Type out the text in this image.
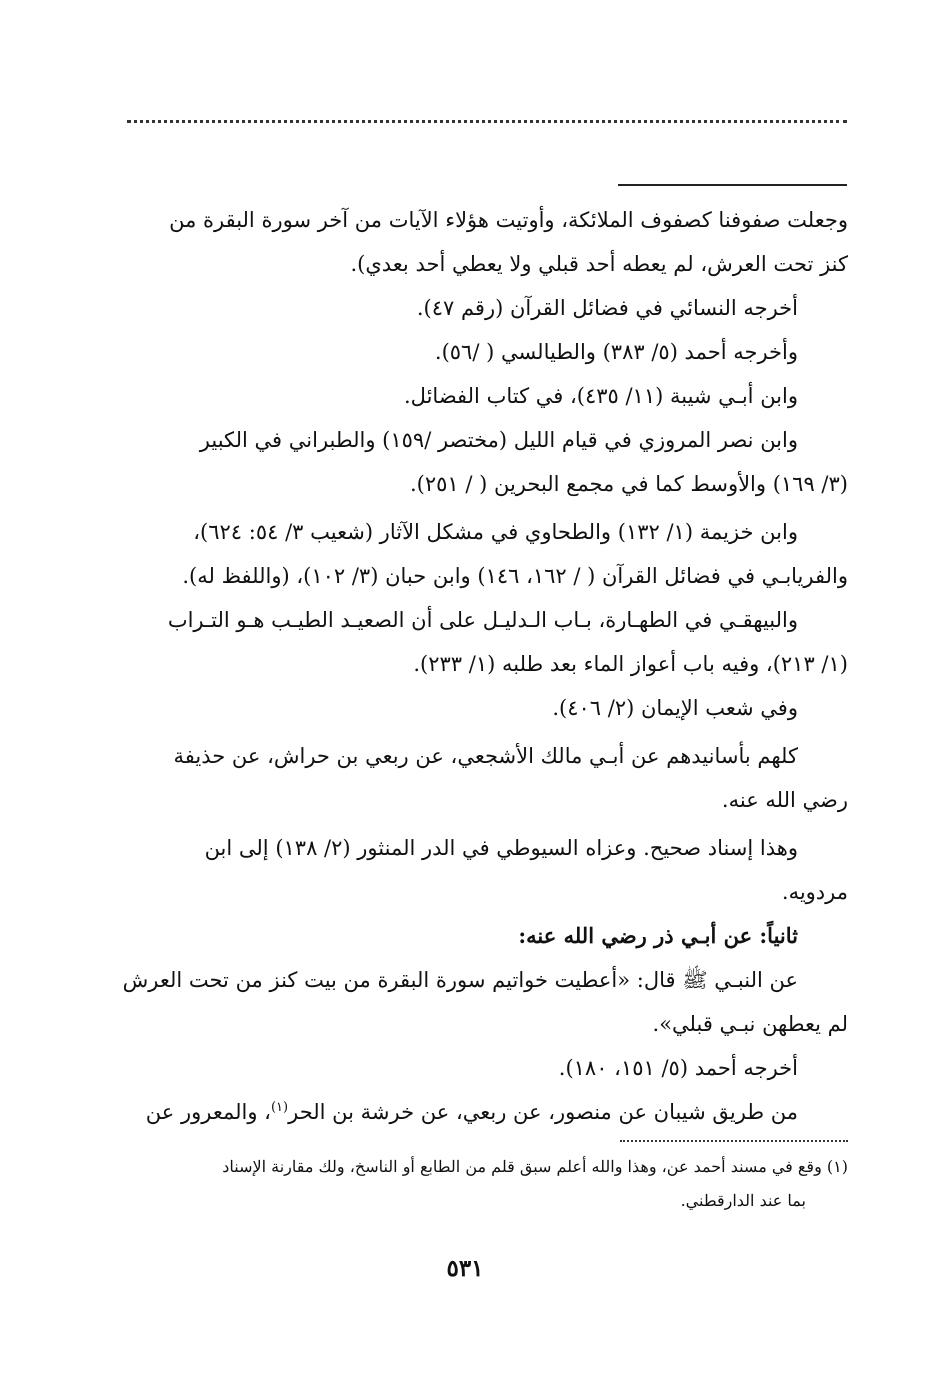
وجعلت صفوفنا كصفوف الملائكة، وأوتيت هؤلاء الآيات من آخر سورة البقرة من

كنز تحت العرش، لم يعطه أحد قبلي ولا يعطي أحد بعدي).

أخرجه النسائي في فضائل القرآن (رقم ٤٧).

وأخرجه أحمد (٥/ ٣٨٣) والطيالسي ( /٥٦).

وابن أبـي شيبة (١١/ ٤٣٥)، في كتاب الفضائل.

وابن نصر المروزي في قيام الليل (مختصر /١٥٩) والطبراني في الكبير

(٣/ ١٦٩) والأوسط كما في مجمع البحرين ( / ٢٥١).

وابن خزيمة (١/ ١٣٢) والطحاوي في مشكل الآثار (شعيب ٣/ ٥٤: ٦٢٤)،

والفريابـي في فضائل القرآن ( / ١٦٢، ١٤٦) وابن حبان (٣/ ١٠٢)، (واللفظ له).

والبيهقـي في الطهـارة، بـاب الـدليـل على أن الصعيـد الطيـب هـو التـراب

(١/ ٢١٣)، وفيه باب أعواز الماء بعد طلبه (١/ ٢٣٣).

وفي شعب الإيمان (٢/ ٤٠٦).

كلهم بأسانيدهم عن أبـي مالك الأشجعي، عن ربعي بن حراش، عن حذيفة

رضي الله عنه.

وهذا إسناد صحيح. وعزاه السيوطي في الدر المنثور (٢/ ١٣٨) إلى ابن

مردويه.

ثانياً: عن أبـي ذر رضي الله عنه:

عن النبـي ﷺ قال: «أعطيت خواتيم سورة البقرة من بيت كنز من تحت العرش

لم يعطهن نبـي قبلي».

أخرجه أحمد (٥/ ١٥١، ١٨٠).

من طريق شيبان عن منصور، عن ربعي، عن خرشة بن الحر$^{(١)}$، والمعرور عن

(١) وقع في مسند أحمد عن، وهذا والله أعلم سبق قلم من الطابع أو الناسخ، ولك مقارنة الإسناد

بما عند الدارقطني.

٥٣١
